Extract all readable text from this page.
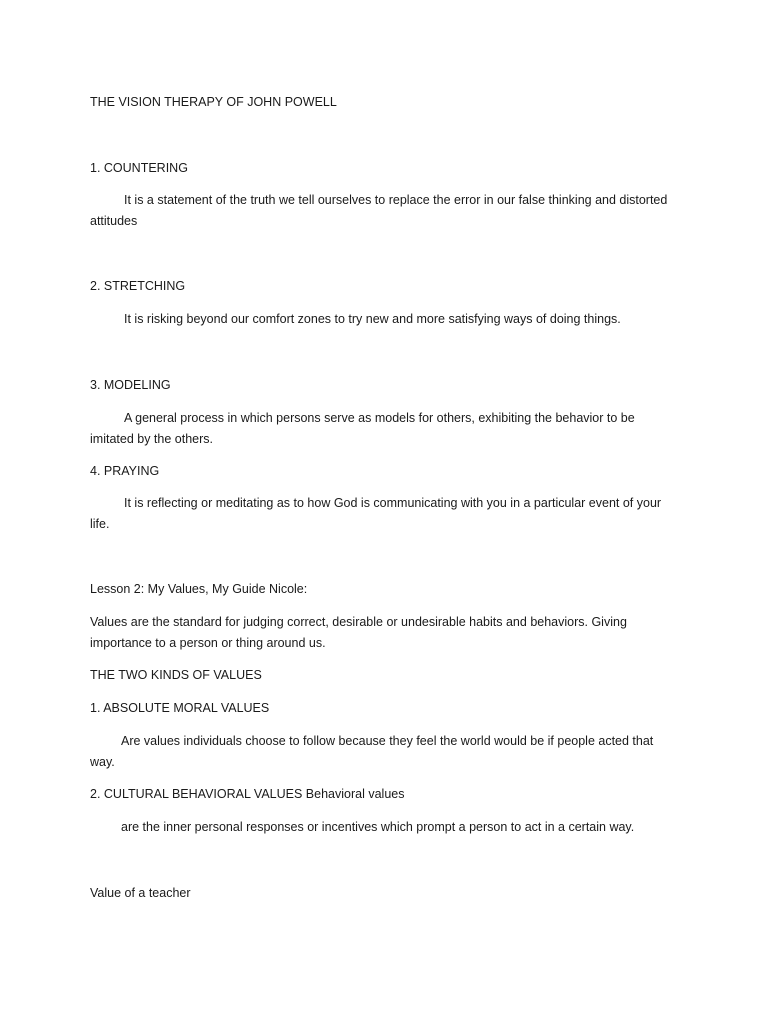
THE VISION THERAPY OF JOHN POWELL

1. COUNTERING

It is a statement of the truth we tell ourselves to replace the error in our false thinking and distorted attitudes

2. STRETCHING

It is risking beyond our comfort zones to try new and more satisfying ways of doing things.

3. MODELING

A general process in which persons serve as models for others, exhibiting the behavior to be imitated by the others.

4. PRAYING

It is reflecting or meditating as to how God is communicating with you in a particular event of your life.

Lesson 2: My Values, My Guide Nicole:

Values are the standard for judging correct, desirable or undesirable habits and behaviors. Giving importance to a person or thing around us.

THE TWO KINDS OF VALUES

1. ABSOLUTE MORAL VALUES

Are values individuals choose to follow because they feel the world would be if people acted that way.

2. CULTURAL BEHAVIORAL VALUES Behavioral values

are the inner personal responses or incentives which prompt a person to act in a certain way.

Value of a teacher
